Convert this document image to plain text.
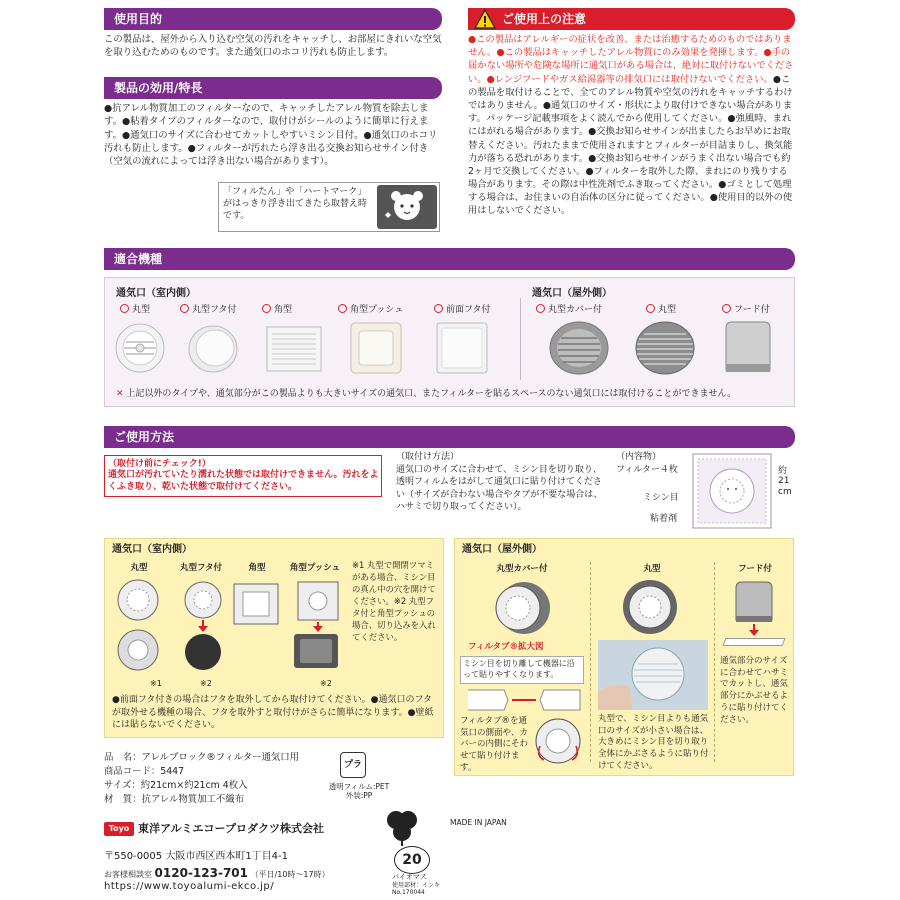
使用目的
この製品は、屋外から入り込む空気の汚れをキャッチし、お部屋にきれいな空気を取り込むためのものです。また通気口のホコリ汚れも防止します。
製品の効用/特長
●抗アレル物質加工のフィルターなので、キャッチしたアレル物質を除去します。●粘着タイプのフィルターなので、取付けがシールのように簡単に行えます。●通気口のサイズに合わせてカットしやすいミシン目付。●通気口のホコリ汚れも防止します。●フィルターが汚れたら浮き出る交換お知らせサイン付き（空気の流れによっては浮き出ない場合があります）。
「フィルたん」や「ハートマーク」がはっきり浮き出てきたら取替え時です。
ご使用上の注意
●この製品はアレルギーの症状を改善、または治癒するためのものではありません。●この製品はキャッチしたアレル物質にのみ効果を発揮します。●手の届かない場所や危険な場所に通気口がある場合は、絶対に取付けないでください。●レンジフードやガス給湯器等の排気口には取付けないでください。●この製品を取付けることで、全てのアレル物質や空気の汚れをキャッチするわけではありません。●通気口のサイズ・形状により取付けできない場合があります。パッケージ記載事項をよく読んでから使用してください。●強風時、まれにはがれる場合があります。●交換お知らせサインが出ましたらお早めにお取替えください。汚れたままで使用されますとフィルターが目詰まりし、換気能力が落ちる恐れがあります。●交換お知らせサインがうまく出ない場合でも約2ヶ月で交換してください。●フィルターを取外した際、まれにのり残りする場合があります。その際は中性洗剤でふき取ってください。●ゴミとして処理する場合は、お住まいの自治体の区分に従ってください。●使用目的以外の使用はしないでください。
適合機種
通気口（室内側）	通気口（屋外側）
丸型	丸型フタ付	角型	角型プッシュ	前面フタ付	丸型カバー付	丸型	フード付
✕ 上記以外のタイプや、通気部分がこの製品よりも大きいサイズの通気口、またフィルターを貼るスペースのない通気口には取付けることができません。
ご使用方法
（取付け前にチェック!）
通気口が汚れていたり濡れた状態では取付けできません。汚れをよくふき取り、乾いた状態で取付けてください。
（取付け方法）
通気口のサイズに合わせて、ミシン目を切り取り、透明フィルムをはがして通気口に貼り付けてください（サイズが合わない場合やタブが不要な場合は、ハサミで切り取ってください）。
（内容物）
フィルター４枚
ミシン目
粘着剤
約21cm
通気口（室内側）
丸型	丸型フタ付	角型	角型プッシュ
※1	※2	※2
※1 丸型で開閉ツマミがある場合、ミシン目の真ん中の穴を開けてください。※2 丸型フタ付と角型プッシュの場合、切り込みを入れてください。
●前面フタ付きの場合はフタを取外してから取付けてください。●通気口のフタが取外せる機種の場合、フタを取外すと取付けがさらに簡単になります。●壁紙には貼らないでください。
通気口（屋外側）
丸型カバー付	丸型	フード付
フィルタブ®拡大図
ミシン目を切り離して機器に沿って貼りやすくなります。
フィルタブ®を通気口の側面や、カバーの内側にそわせて貼り付けます。
丸型で、ミシン目よりも通気口のサイズが小さい場合は、大きめにミシン目を切り取り全体にかぶさるように貼り付けてください。
通気部分のサイズに合わせてハサミでカットし、通気部分にかぶせるように貼り付けてください。
品　名：アレルブロック®フィルター通気口用
商品コード：5447
サイズ：約21cm×約21cm 4枚入
材　質：抗アレル物質加工不織布
プラ
透明フィルム:PET 外装:PP
Toyo 東洋アルミエコープロダクツ株式会社
〒550-0005 大阪市西区西本町1丁目4-1
お客様相談室 0120-123-701 （平日/10時〜17時）
https://www.toyoalumi-ekco.jp/
20
バイオマス
使用部材：インキ
No.170044
MADE IN JAPAN
